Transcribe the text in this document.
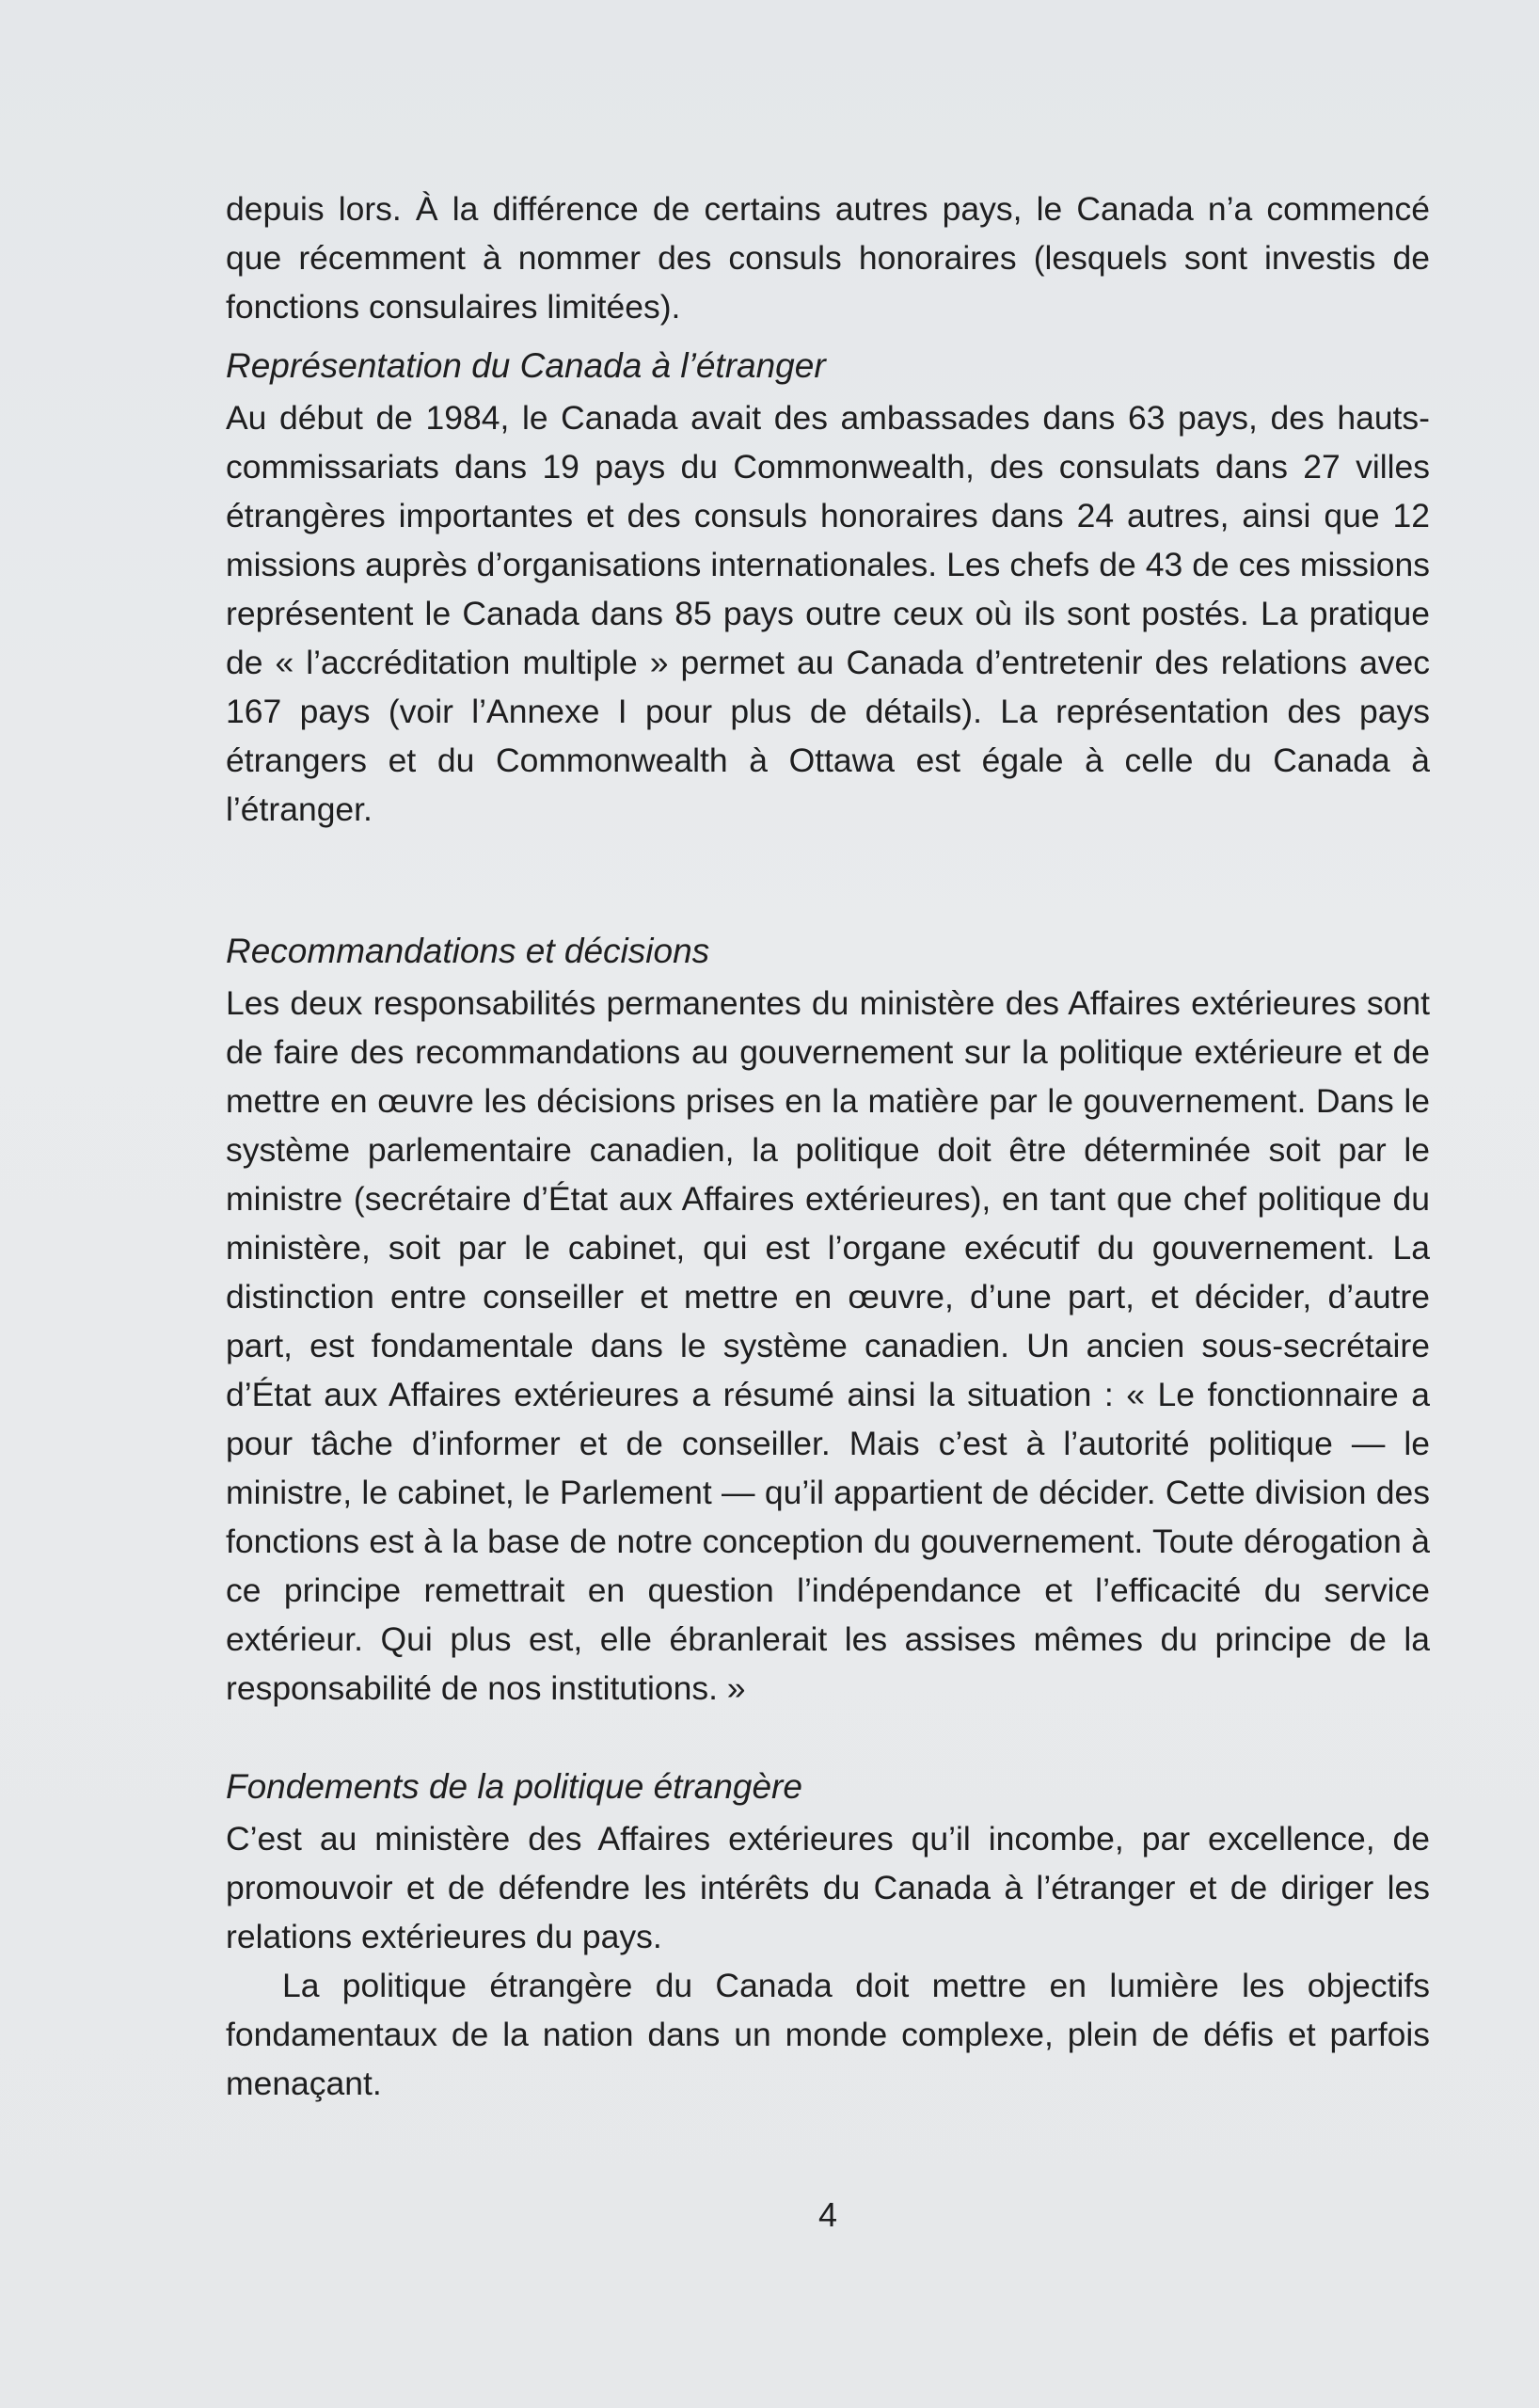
depuis lors. À la différence de certains autres pays, le Canada n’a commencé que récemment à nommer des consuls honoraires (lesquels sont investis de fonctions consulaires limitées).

Représentation du Canada à l’étranger

Au début de 1984, le Canada avait des ambassades dans 63 pays, des hauts-commissariats dans 19 pays du Commonwealth, des consulats dans 27 villes étrangères importantes et des consuls honoraires dans 24 autres, ainsi que 12 missions auprès d’organisations internationales. Les chefs de 43 de ces missions représentent le Canada dans 85 pays outre ceux où ils sont postés. La pratique de « l’accréditation multiple » permet au Canada d’entretenir des relations avec 167 pays (voir l’Annexe I pour plus de détails). La représentation des pays étrangers et du Commonwealth à Ottawa est égale à celle du Canada à l’étranger.

Recommandations et décisions

Les deux responsabilités permanentes du ministère des Affaires extérieures sont de faire des recommandations au gouvernement sur la politique extérieure et de mettre en œuvre les décisions prises en la matière par le gouvernement. Dans le système parlementaire canadien, la politique doit être déterminée soit par le ministre (secrétaire d’État aux Affaires extérieures), en tant que chef politique du ministère, soit par le cabinet, qui est l’organe exécutif du gouvernement. La distinction entre conseiller et mettre en œuvre, d’une part, et décider, d’autre part, est fondamentale dans le système canadien. Un ancien sous-secrétaire d’État aux Affaires extérieures a résumé ainsi la situation : « Le fonctionnaire a pour tâche d’informer et de conseiller. Mais c’est à l’autorité politique — le ministre, le cabinet, le Parlement — qu’il appartient de décider. Cette division des fonctions est à la base de notre conception du gouvernement. Toute dérogation à ce principe remettrait en question l’indépendance et l’efficacité du service extérieur. Qui plus est, elle ébranlerait les assises mêmes du principe de la responsabilité de nos institutions. »

Fondements de la politique étrangère

C’est au ministère des Affaires extérieures qu’il incombe, par excellence, de promouvoir et de défendre les intérêts du Canada à l’étranger et de diriger les relations extérieures du pays.

La politique étrangère du Canada doit mettre en lumière les objectifs fondamentaux de la nation dans un monde complexe, plein de défis et parfois menaçant.

4
